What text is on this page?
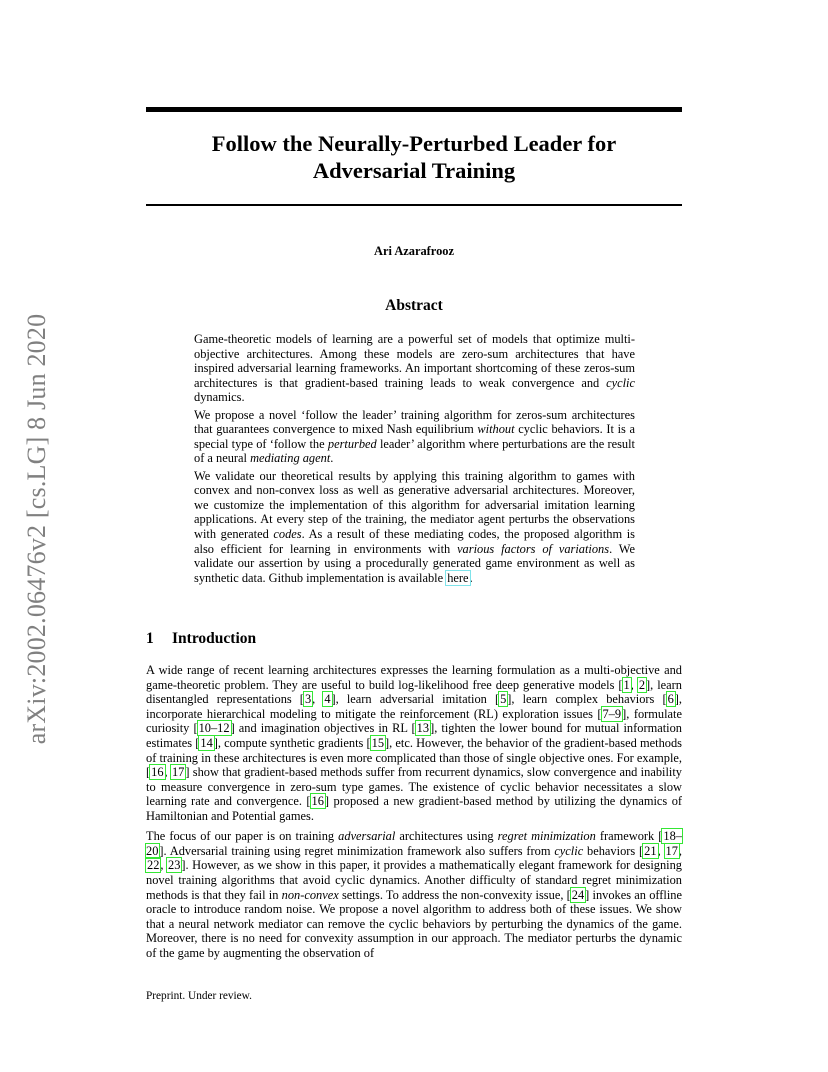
arXiv:2002.06476v2 [cs.LG] 8 Jun 2020
Follow the Neurally-Perturbed Leader for
Adversarial Training
Ari Azarafrooz
Abstract

Game-theoretic models of learning are a powerful set of models that optimize multi-objective architectures. Among these models are zero-sum architectures that have inspired adversarial learning frameworks. An important shortcoming of these zeros-sum architectures is that gradient-based training leads to weak convergence and cyclic dynamics.

We propose a novel ‘follow the leader’ training algorithm for zeros-sum architectures that guarantees convergence to mixed Nash equilibrium without cyclic behaviors. It is a special type of ‘follow the perturbed leader’ algorithm where perturbations are the result of a neural mediating agent.

We validate our theoretical results by applying this training algorithm to games with convex and non-convex loss as well as generative adversarial architectures. Moreover, we customize the implementation of this algorithm for adversarial imitation learning applications. At every step of the training, the mediator agent perturbs the observations with generated codes. As a result of these mediating codes, the proposed algorithm is also efficient for learning in environments with various factors of variations. We validate our assertion by using a procedurally generated game environment as well as synthetic data. Github implementation is available here.

1 Introduction

A wide range of recent learning architectures expresses the learning formulation as a multi-objective and game-theoretic problem. They are useful to build log-likelihood free deep generative models [1, 2], learn disentangled representations [3, 4], learn adversarial imitation [5], learn complex behaviors [6], incorporate hierarchical modeling to mitigate the reinforcement (RL) exploration issues [7–9], formulate curiosity [10–12] and imagination objectives in RL [13], tighten the lower bound for mutual information estimates [14], compute synthetic gradients [15], etc. However, the behavior of the gradient-based methods of training in these architectures is even more complicated than those of single objective ones. For example, [16, 17] show that gradient-based methods suffer from recurrent dynamics, slow convergence and inability to measure convergence in zero-sum type games. The existence of cyclic behavior necessitates a slow learning rate and convergence. [16] proposed a new gradient-based method by utilizing the dynamics of Hamiltonian and Potential games.

The focus of our paper is on training adversarial architectures using regret minimization framework [18–20]. Adversarial training using regret minimization framework also suffers from cyclic behaviors [21, 17, 22, 23]. However, as we show in this paper, it provides a mathematically elegant framework for designing novel training algorithms that avoid cyclic dynamics. Another difficulty of standard regret minimization methods is that they fail in non-convex settings. To address the non-convexity issue, [24] invokes an offline oracle to introduce random noise. We propose a novel algorithm to address both of these issues. We show that a neural network mediator can remove the cyclic behaviors by perturbing the dynamics of the game. Moreover, there is no need for convexity assumption in our approach. The mediator perturbs the dynamic of the game by augmenting the observation of

Preprint. Under review.
